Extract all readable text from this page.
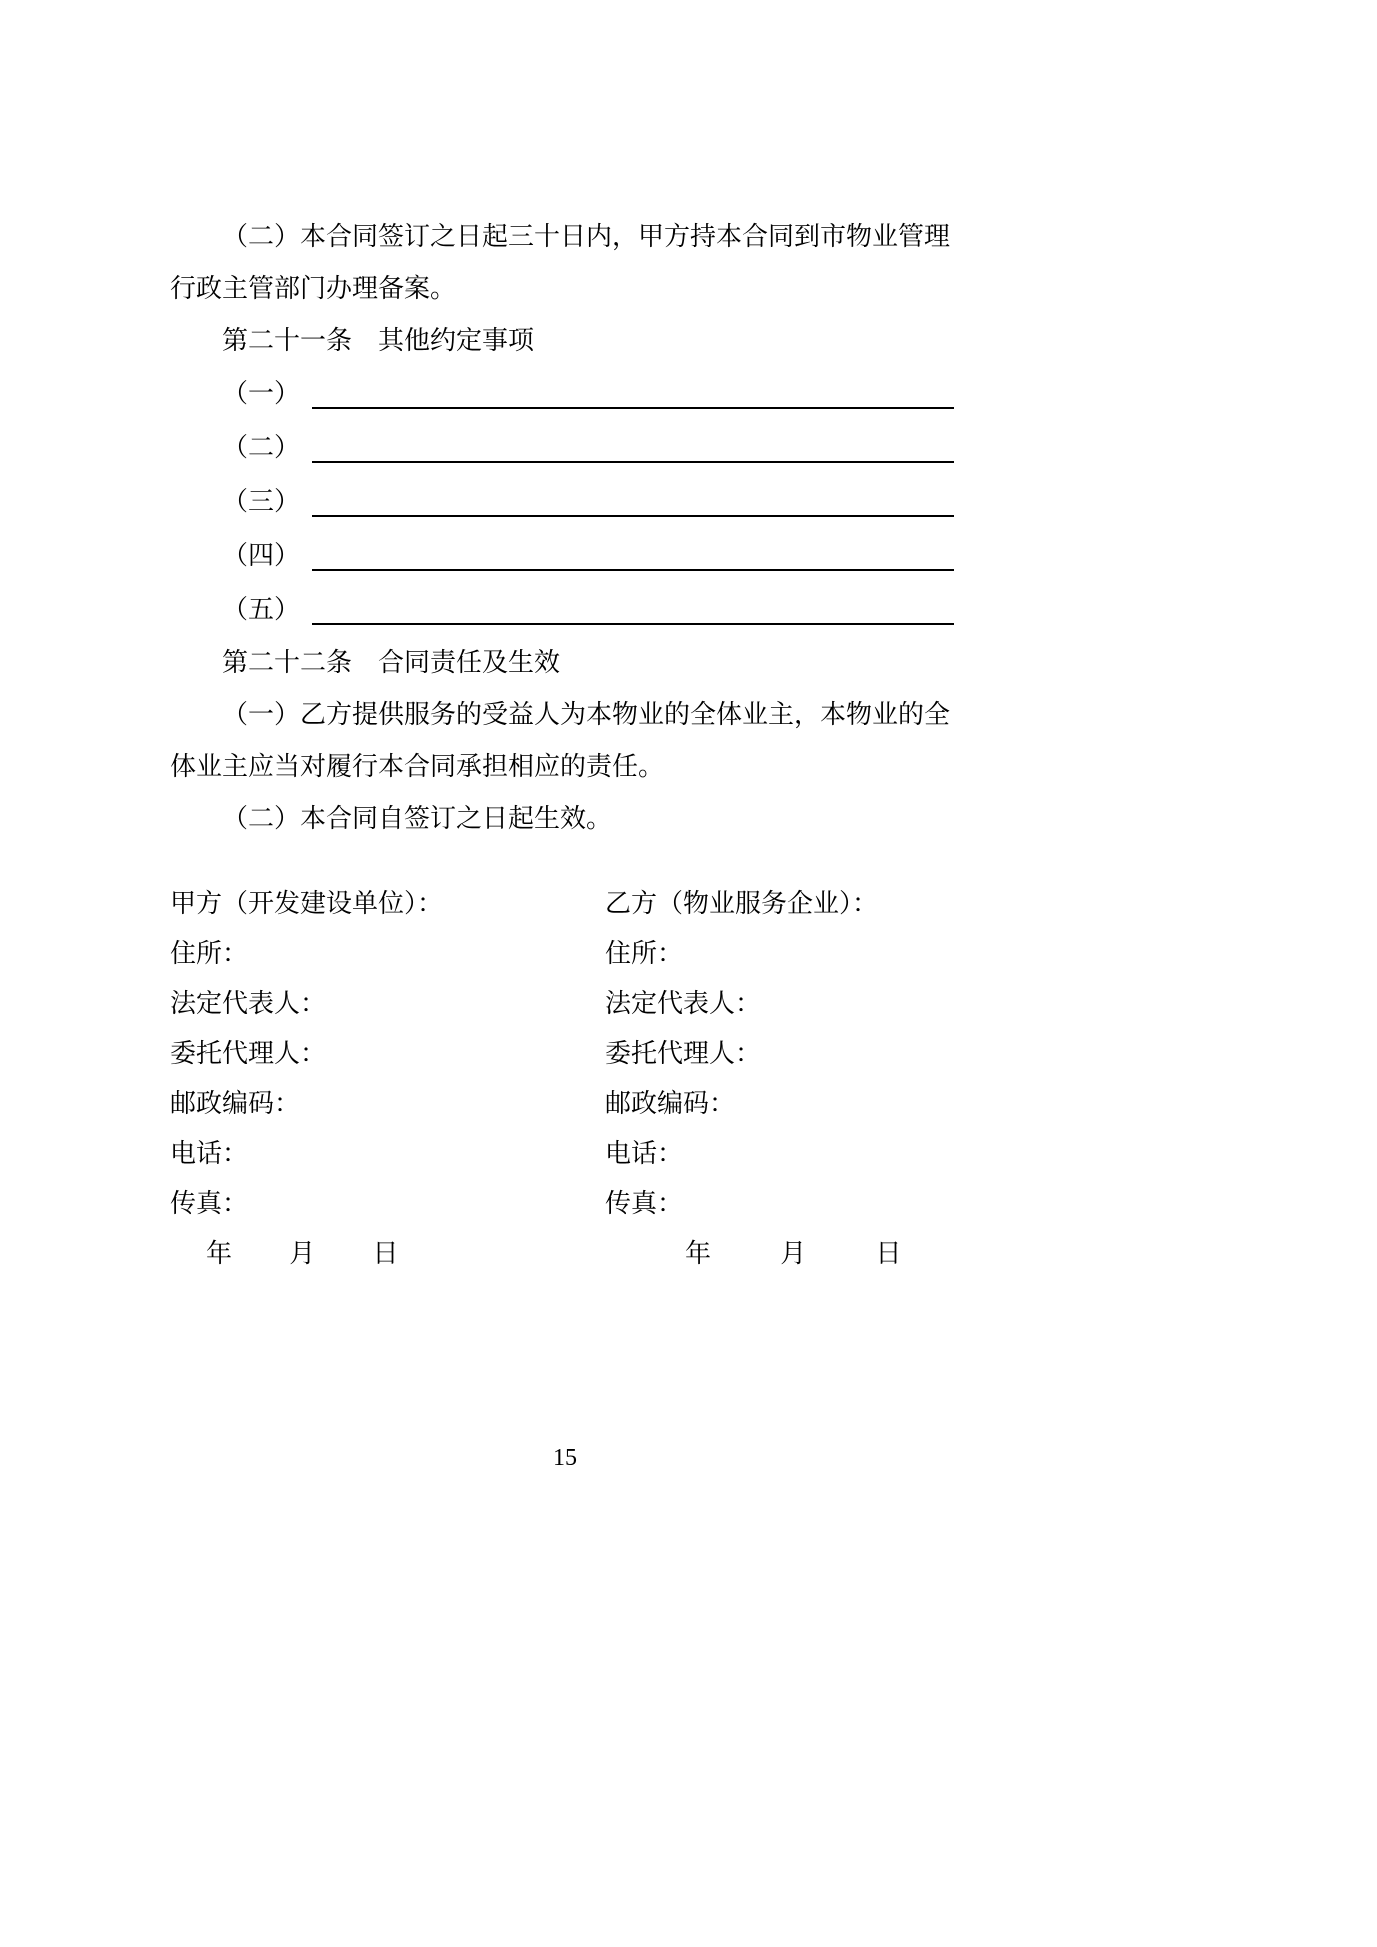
（二）本合同签订之日起三十日内，甲方持本合同到市物业管理行政主管部门办理备案。

第二十一条　其他约定事项

（一）
（二）
（三）
（四）
（五）

第二十二条　合同责任及生效

（一）乙方提供服务的受益人为本物业的全体业主，本物业的全体业主应当对履行本合同承担相应的责任。

（二）本合同自签订之日起生效。

甲方（开发建设单位）：

住所：

法定代表人：

委托代理人：

邮政编码：

电话：

传真：

年 月 日

乙方（物业服务企业）：

住所：

法定代表人：

委托代理人：

邮政编码：

电话：

传真：

年	月	日

15
